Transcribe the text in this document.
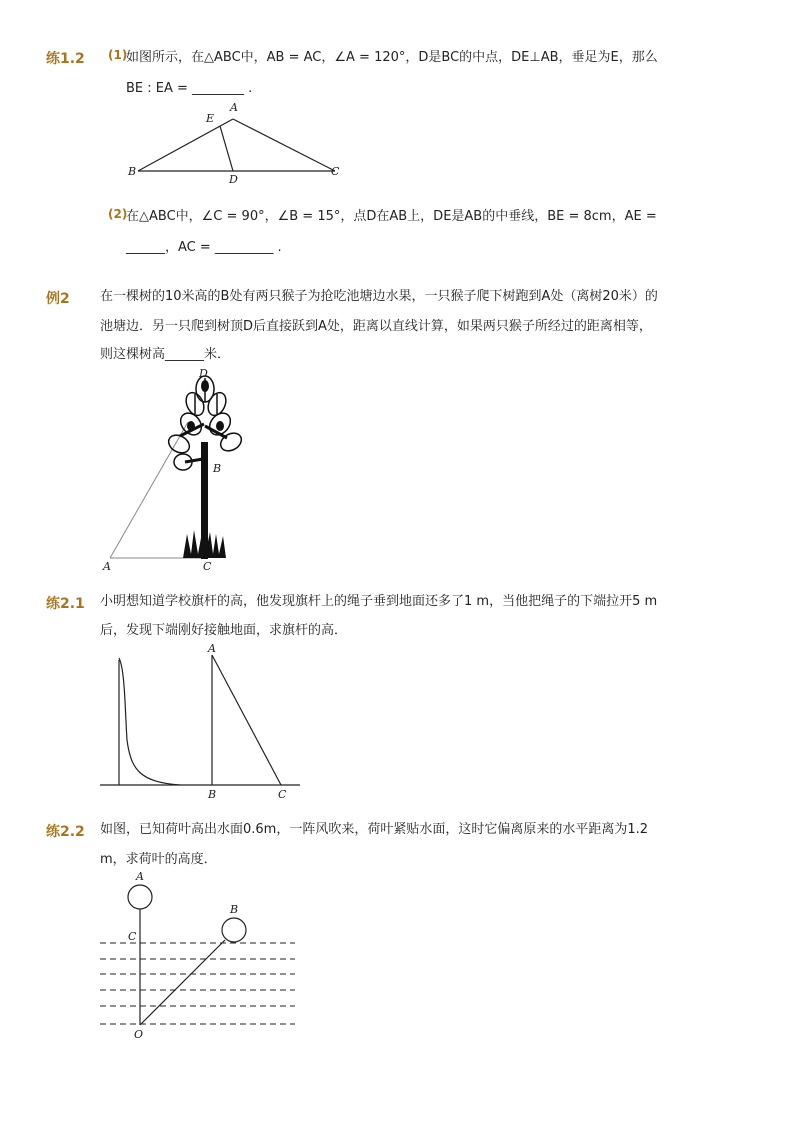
练1.2 (1)
如图所示，在△ABC中，AB = AC，∠A = 120°，D是BC的中点，DE⊥AB，垂足为E，那么
BE : EA = ________ .
A
E
B
D
C
(2)
在△ABC中，∠C = 90°，∠B = 15°，点D在AB上，DE是AB的中垂线，BE = 8cm，AE =
______，AC = _________ .
例2 在一棵树的10米高的B处有两只猴子为抢吃池塘边水果，一只猴子爬下树跑到A处（离树20米）的
池塘边．另一只爬到树顶D后直接跃到A处，距离以直线计算，如果两只猴子所经过的距离相等，
则这棵树高______米．
D
B
A	C
练2.1 小明想知道学校旗杆的高，他发现旗杆上的绳子垂到地面还多了1 m，当他把绳子的下端拉开5 m
后，发现下端刚好接触地面，求旗杆的高．
A
B	C
练2.2 如图，已知荷叶高出水面0.6m，一阵风吹来，荷叶紧贴水面，这时它偏离原来的水平距离为1.2
m，求荷叶的高度．
A
B
C
O
